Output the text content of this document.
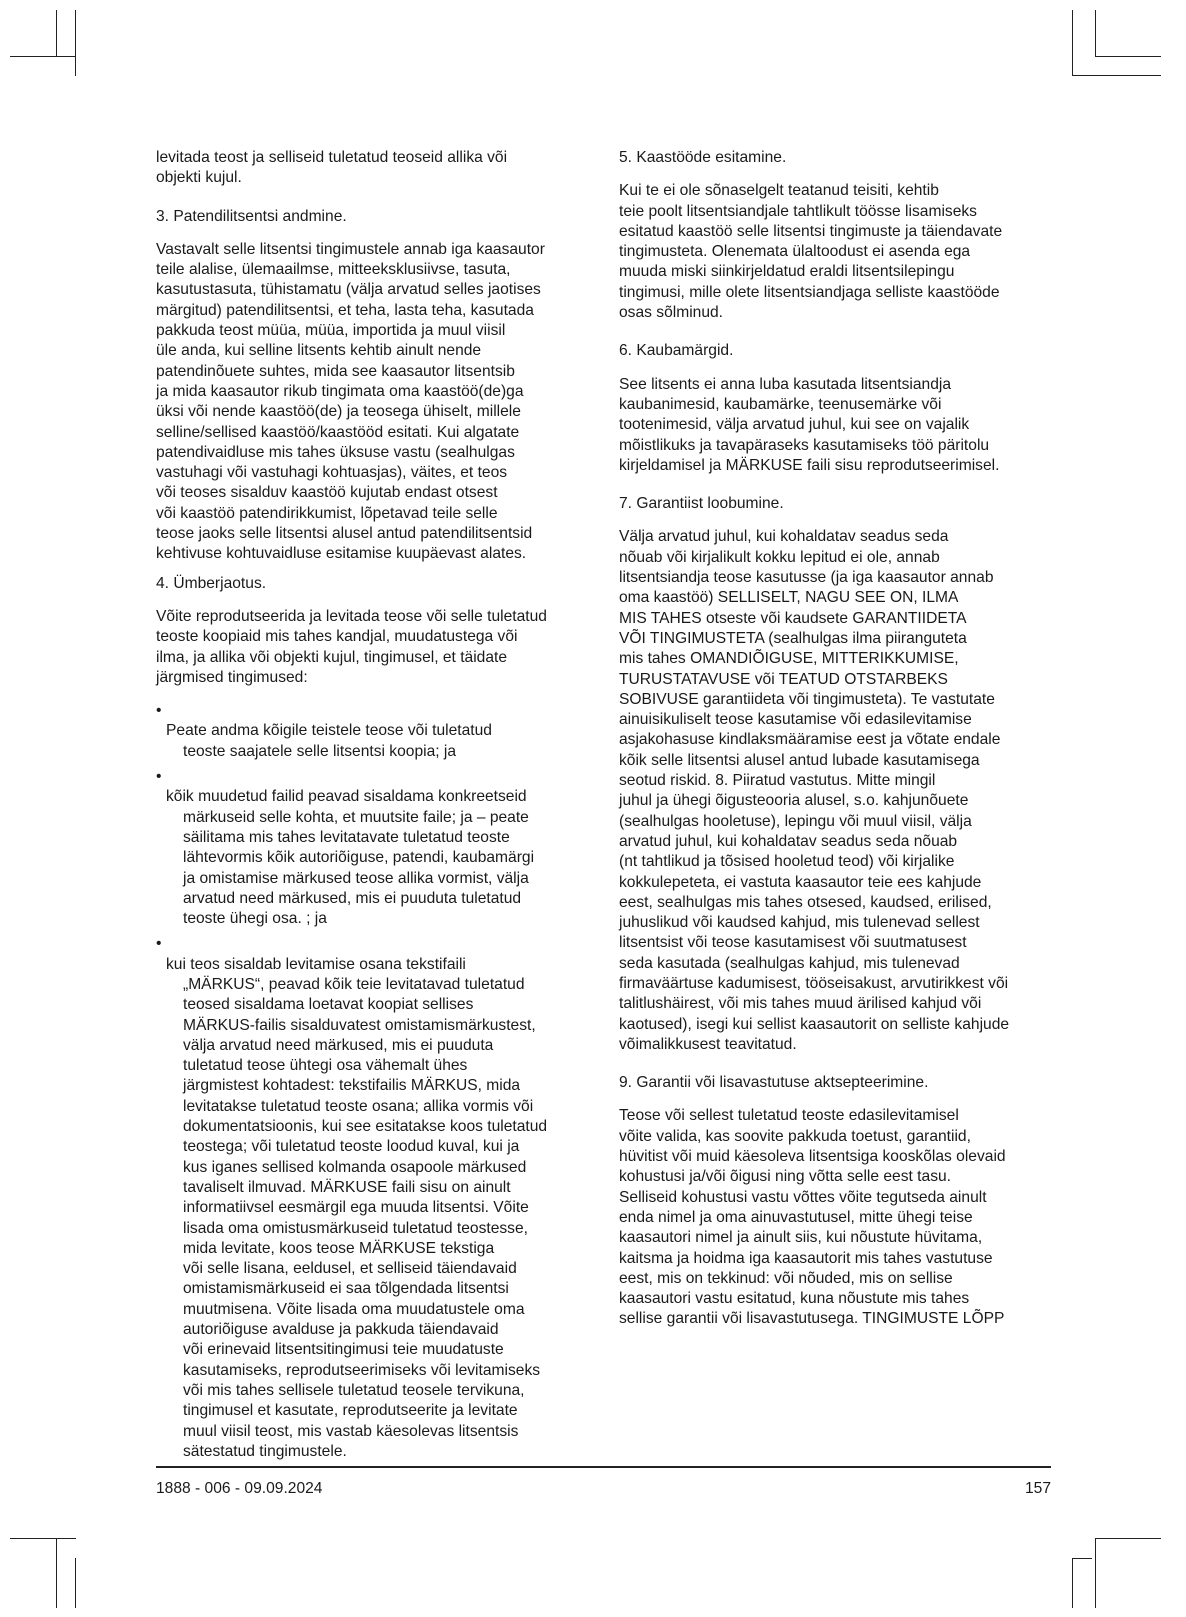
levitada teost ja selliseid tuletatud teoseid allika või
objekti kujul.

3. Patendilitsentsi andmine.

Vastavalt selle litsentsi tingimustele annab iga kaasautor
teile alalise, ülemaailmse, mitteeksklusiivse, tasuta,
kasutustasuta, tühistamatu (välja arvatud selles jaotises
märgitud) patendilitsentsi, et teha, lasta teha, kasutada
pakkuda teost müüa, müüa, importida ja muul viisil
üle anda, kui selline litsents kehtib ainult nende
patendinõuete suhtes, mida see kaasautor litsentsib
ja mida kaasautor rikub tingimata oma kaastöö(de)ga
üksi või nende kaastöö(de) ja teosega ühiselt, millele
selline/sellised kaastöö/kaastööd esitati. Kui algatate
patendivaidluse mis tahes üksuse vastu (sealhulgas
vastuhagi või vastuhagi kohtuasjas), väites, et teos
või teoses sisalduv kaastöö kujutab endast otsest
või kaastöö patendirikkumist, lõpetavad teile selle
teose jaoks selle litsentsi alusel antud patendilitsentsid
kehtivuse kohtuvaidluse esitamise kuupäevast alates.

4. Ümberjaotus.

Võite reprodutseerida ja levitada teose või selle tuletatud
teoste koopiaid mis tahes kandjal, muudatustega või
ilma, ja allika või objekti kujul, tingimusel, et täidate
järgmised tingimused:

•
Peate andma kõigile teistele teose või tuletatud
teoste saajatele selle litsentsi koopia; ja

•
kõik muudetud failid peavad sisaldama konkreetseid
märkuseid selle kohta, et muutsite faile; ja – peate
säilitama mis tahes levitatavate tuletatud teoste
lähtevormis kõik autoriõiguse, patendi, kaubamärgi
ja omistamise märkused teose allika vormist, välja
arvatud need märkused, mis ei puuduta tuletatud
teoste ühegi osa. ; ja

•
kui teos sisaldab levitamise osana tekstifaili
„MÄRKUS“, peavad kõik teie levitatavad tuletatud
teosed sisaldama loetavat koopiat sellises
MÄRKUS-failis sisalduvatest omistamismärkustest,
välja arvatud need märkused, mis ei puuduta
tuletatud teose ühtegi osa vähemalt ühes
järgmistest kohtadest: tekstifailis MÄRKUS, mida
levitatakse tuletatud teoste osana; allika vormis või
dokumentatsioonis, kui see esitatakse koos tuletatud
teostega; või tuletatud teoste loodud kuval, kui ja
kus iganes sellised kolmanda osapoole märkused
tavaliselt ilmuvad. MÄRKUSE faili sisu on ainult
informatiivsel eesmärgil ega muuda litsentsi. Võite
lisada oma omistusmärkuseid tuletatud teostesse,
mida levitate, koos teose MÄRKUSE tekstiga
või selle lisana, eeldusel, et selliseid täiendavaid
omistamismärkuseid ei saa tõlgendada litsentsi
muutmisena. Võite lisada oma muudatustele oma
autoriõiguse avalduse ja pakkuda täiendavaid
või erinevaid litsentsitingimusi teie muudatuste
kasutamiseks, reprodutseerimiseks või levitamiseks
või mis tahes sellisele tuletatud teosele tervikuna,
tingimusel et kasutate, reprodutseerite ja levitate
muul viisil teost, mis vastab käesolevas litsentsis
sätestatud tingimustele.

5. Kaastööde esitamine.

Kui te ei ole sõnaselgelt teatanud teisiti, kehtib
teie poolt litsentsiandjale tahtlikult töösse lisamiseks
esitatud kaastöö selle litsentsi tingimuste ja täiendavate
tingimusteta. Olenemata ülaltoodust ei asenda ega
muuda miski siinkirjeldatud eraldi litsentsilepingu
tingimusi, mille olete litsentsiandjaga selliste kaastööde
osas sõlminud.

6. Kaubamärgid.

See litsents ei anna luba kasutada litsentsiandja
kaubanimesid, kaubamärke, teenusemärke või
tootenimesid, välja arvatud juhul, kui see on vajalik
mõistlikuks ja tavapäraseks kasutamiseks töö päritolu
kirjeldamisel ja MÄRKUSE faili sisu reprodutseerimisel.

7. Garantiist loobumine.

Välja arvatud juhul, kui kohaldatav seadus seda
nõuab või kirjalikult kokku lepitud ei ole, annab
litsentsiandja teose kasutusse (ja iga kaasautor annab
oma kaastöö) SELLISELT, NAGU SEE ON, ILMA
MIS TAHES otseste või kaudsete GARANTIIDETA
VÕI TINGIMUSTETA (sealhulgas ilma piiranguteta
mis tahes OMANDIÕIGUSE, MITTERIKKUMISE,
TURUSTATAVUSE või TEATUD OTSTARBEKS
SOBIVUSE garantiideta või tingimusteta). Te vastutate
ainuisikuliselt teose kasutamise või edasilevitamise
asjakohasuse kindlaksmääramise eest ja võtate endale
kõik selle litsentsi alusel antud lubade kasutamisega
seotud riskid. 8. Piiratud vastutus. Mitte mingil
juhul ja ühegi õigusteooria alusel, s.o. kahjunõuete
(sealhulgas hooletuse), lepingu või muul viisil, välja
arvatud juhul, kui kohaldatav seadus seda nõuab
(nt tahtlikud ja tõsised hooletud teod) või kirjalike
kokkulepeteta, ei vastuta kaasautor teie ees kahjude
eest, sealhulgas mis tahes otsesed, kaudsed, erilised,
juhuslikud või kaudsed kahjud, mis tulenevad sellest
litsentsist või teose kasutamisest või suutmatusest
seda kasutada (sealhulgas kahjud, mis tulenevad
firmaväärtuse kadumisest, tööseisakust, arvutirikkest või
talitlushäirest, või mis tahes muud ärilised kahjud või
kaotused), isegi kui sellist kaasautorit on selliste kahjude
võimalikkusest teavitatud.

9. Garantii või lisavastutuse aktsepteerimine.

Teose või sellest tuletatud teoste edasilevitamisel
võite valida, kas soovite pakkuda toetust, garantiid,
hüvitist või muid käesoleva litsentsiga kooskõlas olevaid
kohustusi ja/või õigusi ning võtta selle eest tasu.
Selliseid kohustusi vastu võttes võite tegutseda ainult
enda nimel ja oma ainuvastutusel, mitte ühegi teise
kaasautori nimel ja ainult siis, kui nõustute hüvitama,
kaitsma ja hoidma iga kaasautorit mis tahes vastutuse
eest, mis on tekkinud: või nõuded, mis on sellise
kaasautori vastu esitatud, kuna nõustute mis tahes
sellise garantii või lisavastutusega. TINGIMUSTE LÕPP

1888 - 006 - 09.09.2024	157
